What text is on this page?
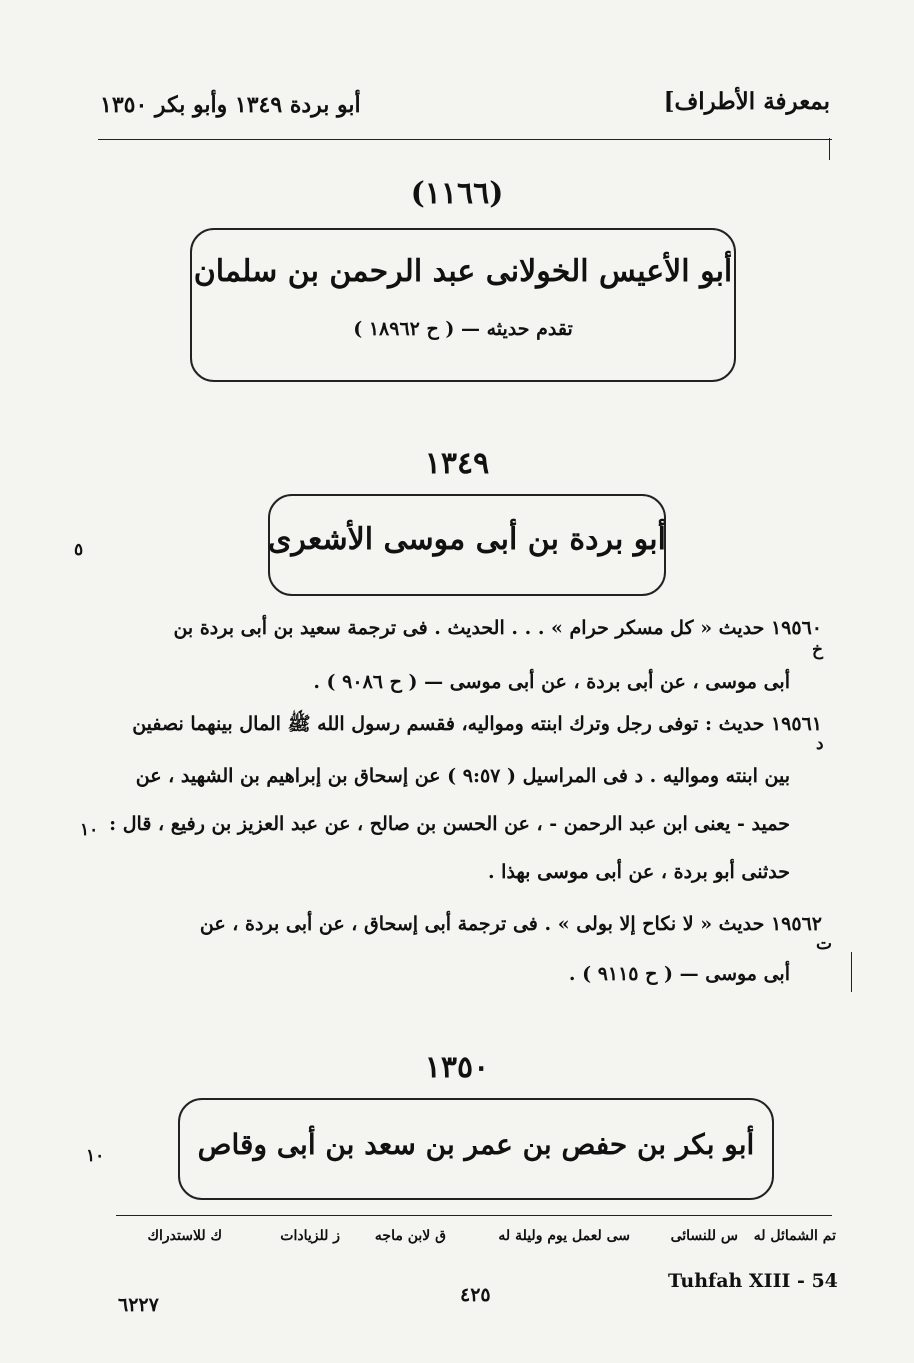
بمعرفة الأطراف]
أبو بردة ١٣٤٩ وأبو بكر ١٣٥٠
(١١٦٦)
أبو الأعيس الخولانى عبد الرحمن بن سلمان
تقدم حديثه — ( ح ١٨٩٦٢ )
١٣٤٩
أبو بردة بن أبى موسى الأشعرى
٥
١٩٥٦٠ حديث « كل مسكر حرام » . . . الحديث . فى ترجمة سعيد بن أبى بردة بن
أبى موسى ، عن أبى بردة ، عن أبى موسى — ( ح ٩٠٨٦ ) .
خ
١٩٥٦١ حديث : توفى رجل وترك ابنته ومواليه، فقسم رسول الله ﷺ المال بينهما نصفين
بين ابنته ومواليه . د فى المراسيل ( ٩:٥٧ ) عن إسحاق بن إبراهيم بن الشهيد ، عن
حميد - يعنى ابن عبد الرحمن - ، عن الحسن بن صالح ، عن عبد العزيز بن رفيع ، قال :
حدثنى أبو بردة ، عن أبى موسى بهذا .
د
١٠
١٩٥٦٢ حديث « لا نكاح إلا بولى » . فى ترجمة أبى إسحاق ، عن أبى بردة ، عن
أبى موسى — ( ح ٩١١٥ ) .
ت
١٣٥٠
أبو بكر بن حفص بن عمر بن سعد بن أبى وقاص
١٠
تم الشمائل له
س للنسائى
سى لعمل يوم وليلة له
ق لابن ماجه
ز للزيادات
ك للاستدراك
٦٢٢٧	٤٢٥
Tuhfah XIII - 54
